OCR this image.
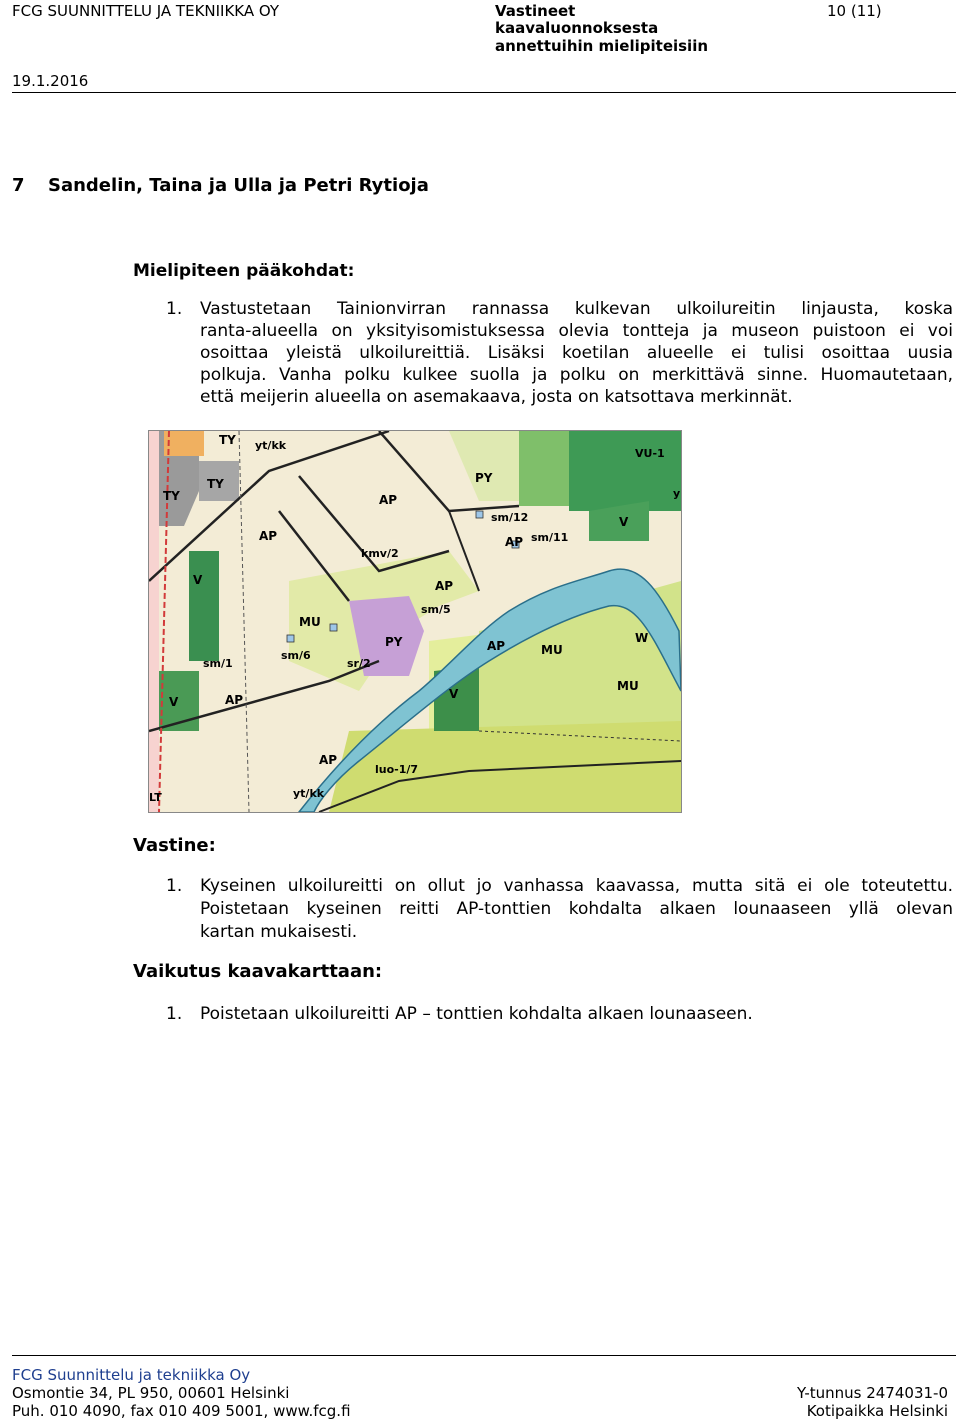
FCG SUUNNITTELU JA TEKNIIKKA OY	Vastineet
kaavaluonnoksesta
annettuihin mielipiteisiin
10 (11)
19.1.2016
7 Sandelin, Taina ja Ulla ja Petri Rytioja
Mielipiteen pääkohdat:
1. Vastustetaan Tainionvirran rannassa kulkevan ulkoilureitin linjausta, koska
ranta-alueella on yksityisomistuksessa olevia tontteja ja museon puistoon ei voi
osoittaa yleistä ulkoilureittiä. Lisäksi koetilan alueelle ei tulisi osoittaa uusia
polkuja. Vanha polku kulkee suolla ja polku on merkittävä sinne. Huomautetaan,
että meijerin alueella on asemakaava, josta on katsottava merkinnät.
TY yt/kk
TY
TY
AP
PY
VU-1
y
AP
sm/12
AP sm/11
V
kmv/2
V	AP
sm/5
MU
PY	W
sm/6
sm/1	sr/2
AP	MU
MU
V	AP	V
AP
luo-1/7
yt/kk
LT
Vastine:
1. Kyseinen ulkoilureitti on ollut jo vanhassa kaavassa, mutta sitä ei ole toteutettu.
Poistetaan kyseinen reitti AP-tonttien kohdalta alkaen lounaaseen yllä olevan
kartan mukaisesti.
Vaikutus kaavakarttaan:
1. Poistetaan ulkoilureitti AP – tonttien kohdalta alkaen lounaaseen.
FCG Suunnittelu ja tekniikka Oy
Osmontie 34, PL 950, 00601 Helsinki
Puh. 010 4090, fax 010 409 5001, www.fcg.fi
Y-tunnus 2474031-0
Kotipaikka Helsinki
